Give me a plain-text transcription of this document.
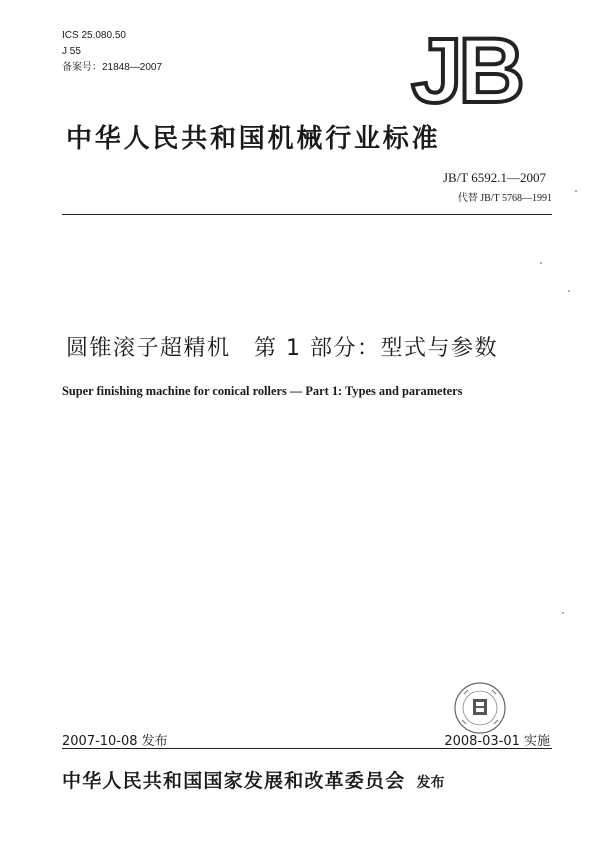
ICS 25.080.50
J 55
备案号：21848—2007	JB
中华人民共和国机械行业标准
JB/T 6592.1—2007
代替 JB/T 5768—1991
圆锥滚子超精机　第 1 部分：型式与参数
Super finishing machine for conical rollers — Part 1: Types and parameters
2007-10-08 发布	2008-03-01 实施
中华人民共和国国家发展和改革委员会 发布
